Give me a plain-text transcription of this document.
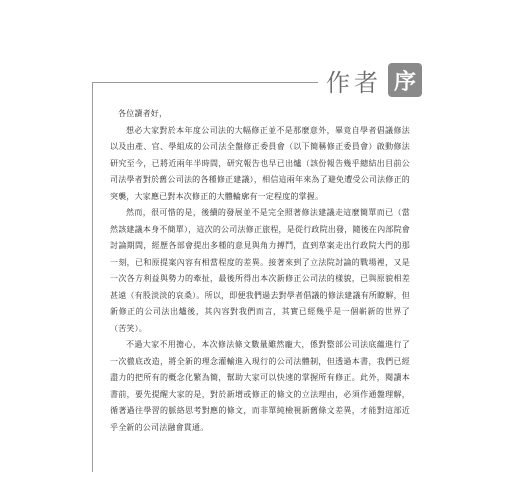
作者 序

各位讀者好，

想必大家對於本年度公司法的大幅修正並不是那麼意外，畢竟自學者倡議修法以及由產、官、學組成的公司法全盤修正委員會（以下簡稱修正委員會）啟動修法研究至今，已將近兩年半時間，研究報告也早已出爐（該份報告幾乎總結出目前公司法學者對於舊公司法的各種修正建議），相信這兩年來為了避免遭受公司法修正的突襲，大家應已對本次修正的大體輪廓有一定程度的掌握。

然而，很可惜的是，後續的發展並不是完全照著修法建議走這麼簡單而已（當然該建議本身不簡單），這次的公司法修正旅程，是從行政院出發，隨後在內部院會討論期間，經歷各部會提出多種的意見與角力搏鬥，直到草案走出行政院大門的那一刻，已和原提案內容有相當程度的差異。接著來到了立法院討論的戰場裡，又是一次各方利益與勢力的牽扯，最後所得出本次新修正公司法的樣貌，已與原貌相差甚遠（有股淡淡的哀桑）。所以，即便我們過去對學者倡議的修法建議有所瞭解，但新修正的公司法出爐後，其內容對我們而言，其實已經幾乎是一個嶄新的世界了（苦笑）。

不過大家不用擔心，本次修法條文數量雖然龐大，係對整部公司法底蘊進行了一次徹底改造，將全新的理念灌輸進入現行的公司法體制，但透過本書，我們已經盡力的把所有的概念化繁為簡，幫助大家可以快速的掌握所有修正。此外，閱讀本書前，要先提醒大家的是，對於新增或修正的條文的立法理由，必須作通盤理解，循著過往學習的脈絡思考對應的條文，而非單純檢視新舊條文差異，才能對這部近乎全新的公司法融會貫通。
